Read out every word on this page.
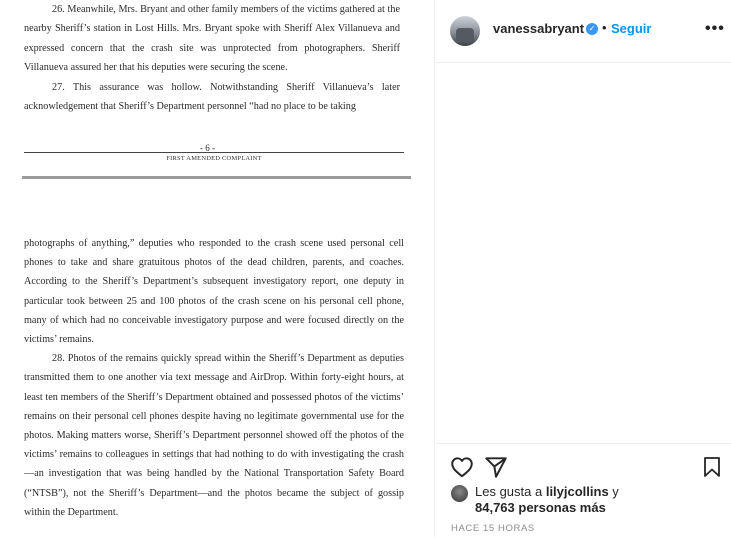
26. Meanwhile, Mrs. Bryant and other family members of the victims gathered at the nearby Sheriff’s station in Lost Hills. Mrs. Bryant spoke with Sheriff Alex Villanueva and expressed concern that the crash site was unprotected from photographers. Sheriff Villanueva assured her that his deputies were securing the scene.

27. This assurance was hollow. Notwithstanding Sheriff Villanueva’s later acknowledgement that Sheriff’s Department personnel “had no place to be taking

- 6 -
FIRST AMENDED COMPLAINT

photographs of anything,” deputies who responded to the crash scene used personal cell phones to take and share gratuitous photos of the dead children, parents, and coaches. According to the Sheriff’s Department’s subsequent investigatory report, one deputy in particular took between 25 and 100 photos of the crash scene on his personal cell phone, many of which had no conceivable investigatory purpose and were focused directly on the victims’ remains.

28. Photos of the remains quickly spread within the Sheriff’s Department as deputies transmitted them to one another via text message and AirDrop. Within forty-eight hours, at least ten members of the Sheriff’s Department obtained and possessed photos of the victims’ remains on their personal cell phones despite having no legitimate governmental use for the photos. Making matters worse, Sheriff’s Department personnel showed off the photos of the victims’ remains to colleagues in settings that had nothing to do with investigating the crash—an investigation that was being handled by the National Transportation Safety Board (“NTSB”), not the Sheriff’s Department—and the photos became the subject of gossip within the Department.

vanessabryant ✓ • Seguir	•••
Les gusta a lilyjcollins y
84,763 personas más
HACE 15 HORAS
